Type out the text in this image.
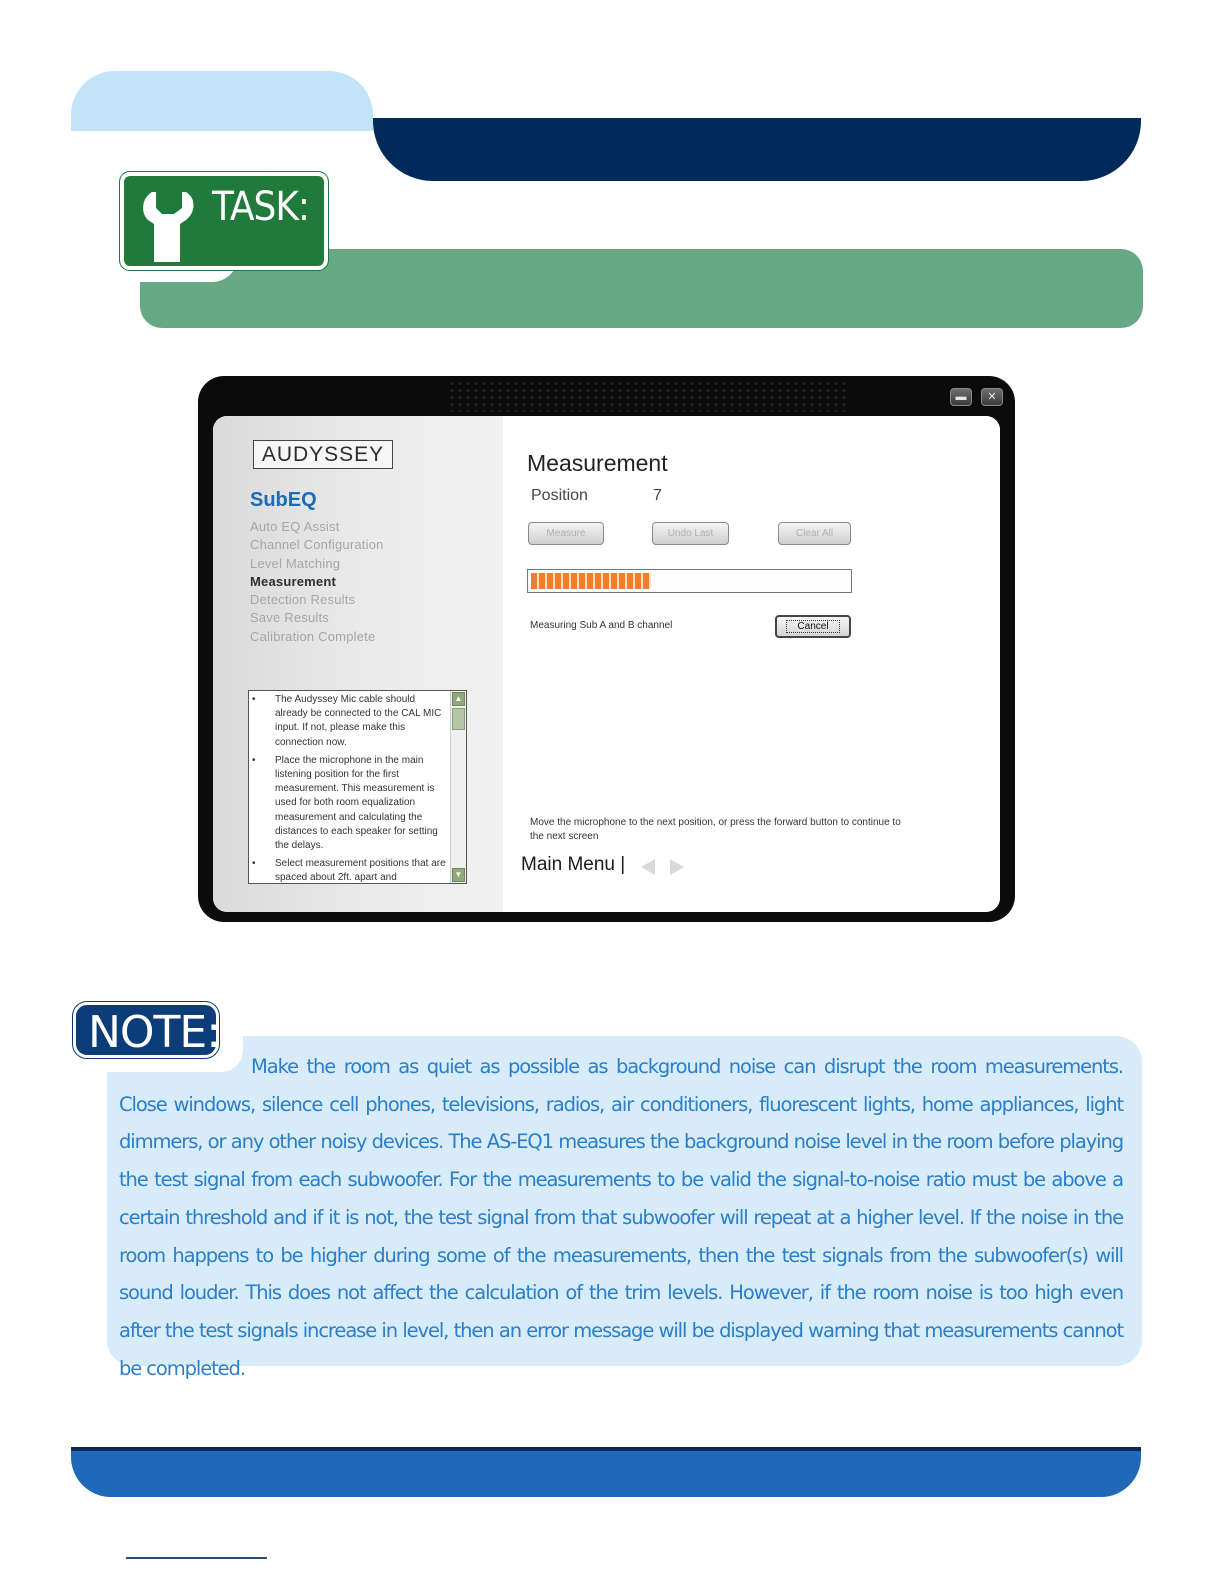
TASK:
▬	✕
AUDYSSEY
SubEQ
Auto EQ Assist
Channel Configuration
Level Matching
Measurement
Detection Results
Save Results
Calibration Complete
• The Audyssey Mic cable should already be connected to the CAL MIC input. If not, please make this connection now.
• Place the microphone in the main listening position for the first measurement. This measurement is used for both room equalization measurement and calculating the distances to each speaker for setting the delays.
• Select measurement positions that are spaced about 2ft. apart and
▲
▼
Measurement
Position	7
Measure	Undo Last	Clear All
Measuring Sub A and B channel	Cancel
Move the microphone to the next position, or press the forward button to continue to the next screen
Main Menu |
NOTE:

Make the room as quiet as possible as background noise can disrupt the room measurements. Close windows, silence cell phones, televisions, radios, air conditioners, fluorescent lights, home appliances, light dimmers, or any other noisy devices. The AS-EQ1 measures the background noise level in the room before playing the test signal from each subwoofer. For the measurements to be valid the signal-to-noise ratio must be above a certain threshold and if it is not, the test signal from that subwoofer will repeat at a higher level. If the noise in the room happens to be higher during some of the measurements, then the test signals from the subwoofer(s) will sound louder. This does not affect the calculation of the trim levels. However, if the room noise is too high even after the test signals increase in level, then an error message will be displayed warning that measurements cannot be completed.
